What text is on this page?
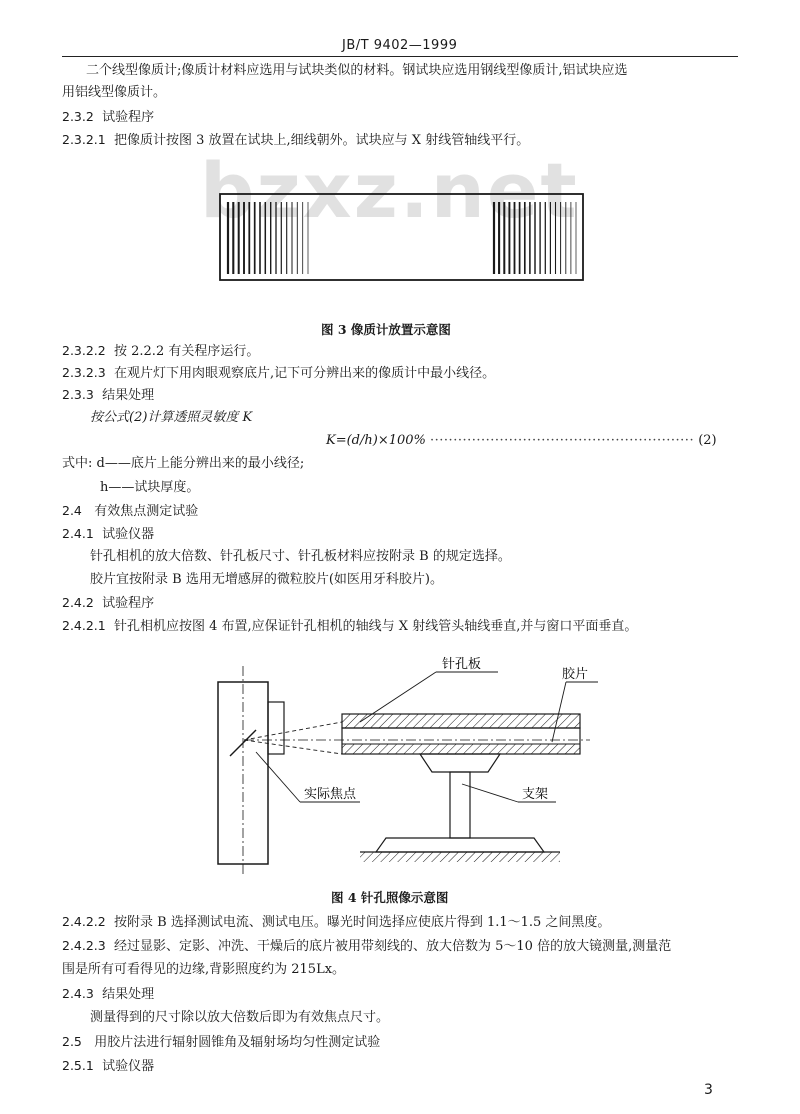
JB/T 9402—1999
bzxz.net
二个线型像质计;像质计材料应选用与试块类似的材料。钢试块应选用钢线型像质计,铝试块应选
用铝线型像质计。
2.3.2 试验程序
2.3.2.1 把像质计按图 3 放置在试块上,细线朝外。试块应与 X 射线管轴线平行。
图 3 像质计放置示意图
2.3.2.2 按 2.2.2 有关程序运行。
2.3.2.3 在观片灯下用肉眼观察底片,记下可分辨出来的像质计中最小线径。
2.3.3 结果处理
按公式(2)计算透照灵敏度 K
K=(d/h)×100% ························································· (2)
式中: d——底片上能分辨出来的最小线径;
h——试块厚度。
2.4 有效焦点测定试验
2.4.1 试验仪器
针孔相机的放大倍数、针孔板尺寸、针孔板材料应按附录 B 的规定选择。
胶片宜按附录 B 选用无增感屏的微粒胶片(如医用牙科胶片)。
2.4.2 试验程序
2.4.2.1 针孔相机应按图 4 布置,应保证针孔相机的轴线与 X 射线管头轴线垂直,并与窗口平面垂直。
针孔板
胶片
实际焦点	支架
图 4 针孔照像示意图
2.4.2.2 按附录 B 选择测试电流、测试电压。曝光时间选择应使底片得到 1.1～1.5 之间黑度。
2.4.2.3 经过显影、定影、冲洗、干燥后的底片被用带刻线的、放大倍数为 5～10 倍的放大镜测量,测量范
围是所有可看得见的边缘,背影照度约为 215Lx。
2.4.3 结果处理
测量得到的尺寸除以放大倍数后即为有效焦点尺寸。
2.5 用胶片法进行辐射圆锥角及辐射场均匀性测定试验
2.5.1 试验仪器
3
